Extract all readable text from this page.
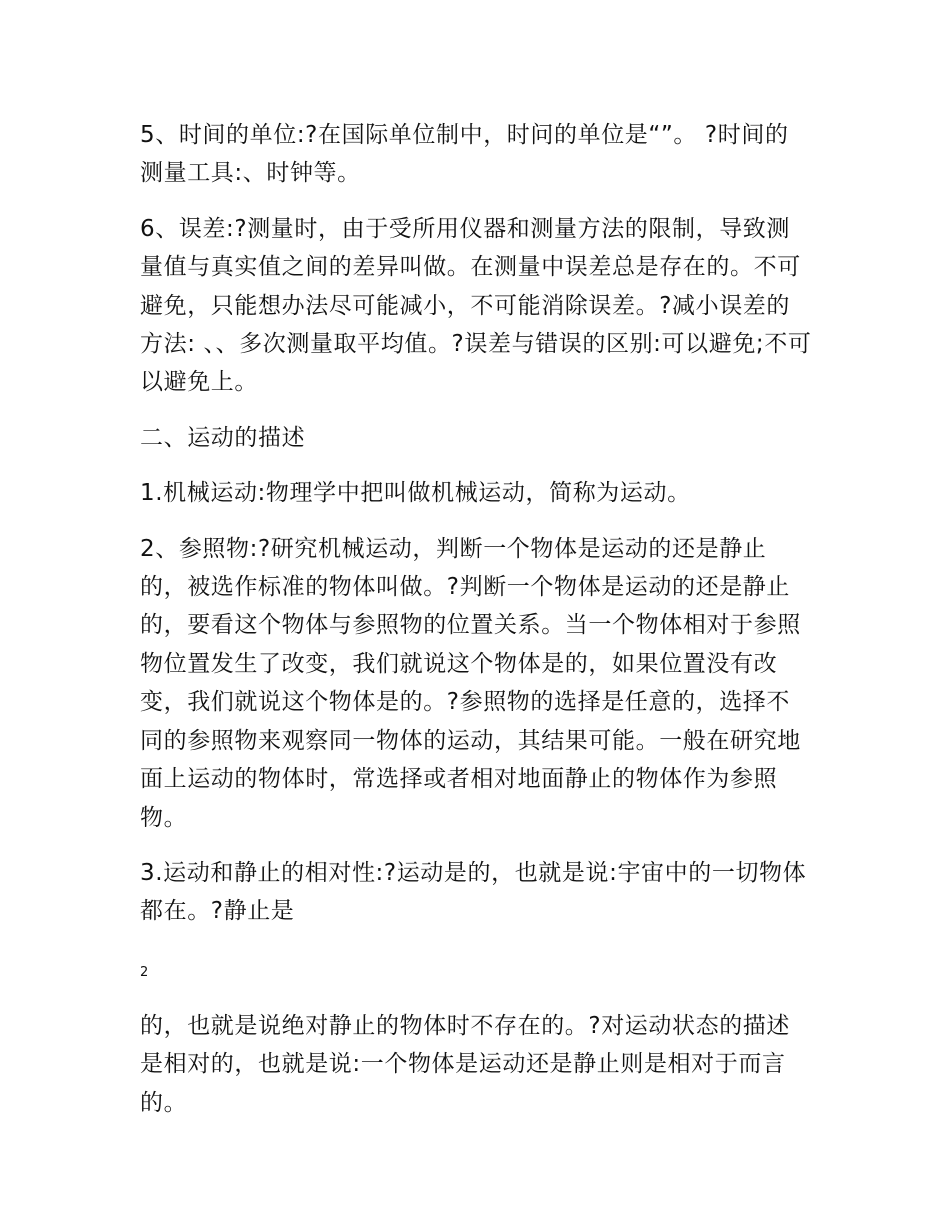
5、时间的单位:?在国际单位制中，时问的单位是“”。 ?时间的测量工具:、时钟等。

6、误差:?测量时，由于受所用仪器和测量方法的限制，导致测量值与真实值之间的差异叫做。在测量中误差总是存在的。不可避免，只能想办法尽可能减小，不可能消除误差。?减小误差的方法: 、、多次测量取平均值。?误差与错误的区别:可以避免;不可以避免上。

二、运动的描述

1.机械运动:物理学中把叫做机械运动，简称为运动。

2、参照物:?研究机械运动，判断一个物体是运动的还是静止的，被选作标准的物体叫做。?判断一个物体是运动的还是静止的，要看这个物体与参照物的位置关系。当一个物体相对于参照物位置发生了改变，我们就说这个物体是的，如果位置没有改变，我们就说这个物体是的。?参照物的选择是任意的，选择不同的参照物来观察同一物体的运动，其结果可能。一般在研究地面上运动的物体时，常选择或者相对地面静止的物体作为参照物。

3.运动和静止的相对性:?运动是的，也就是说:宇宙中的一切物体都在。?静止是

2

的，也就是说绝对静止的物体时不存在的。?对运动状态的描述是相对的，也就是说:一个物体是运动还是静止则是相对于而言的。
